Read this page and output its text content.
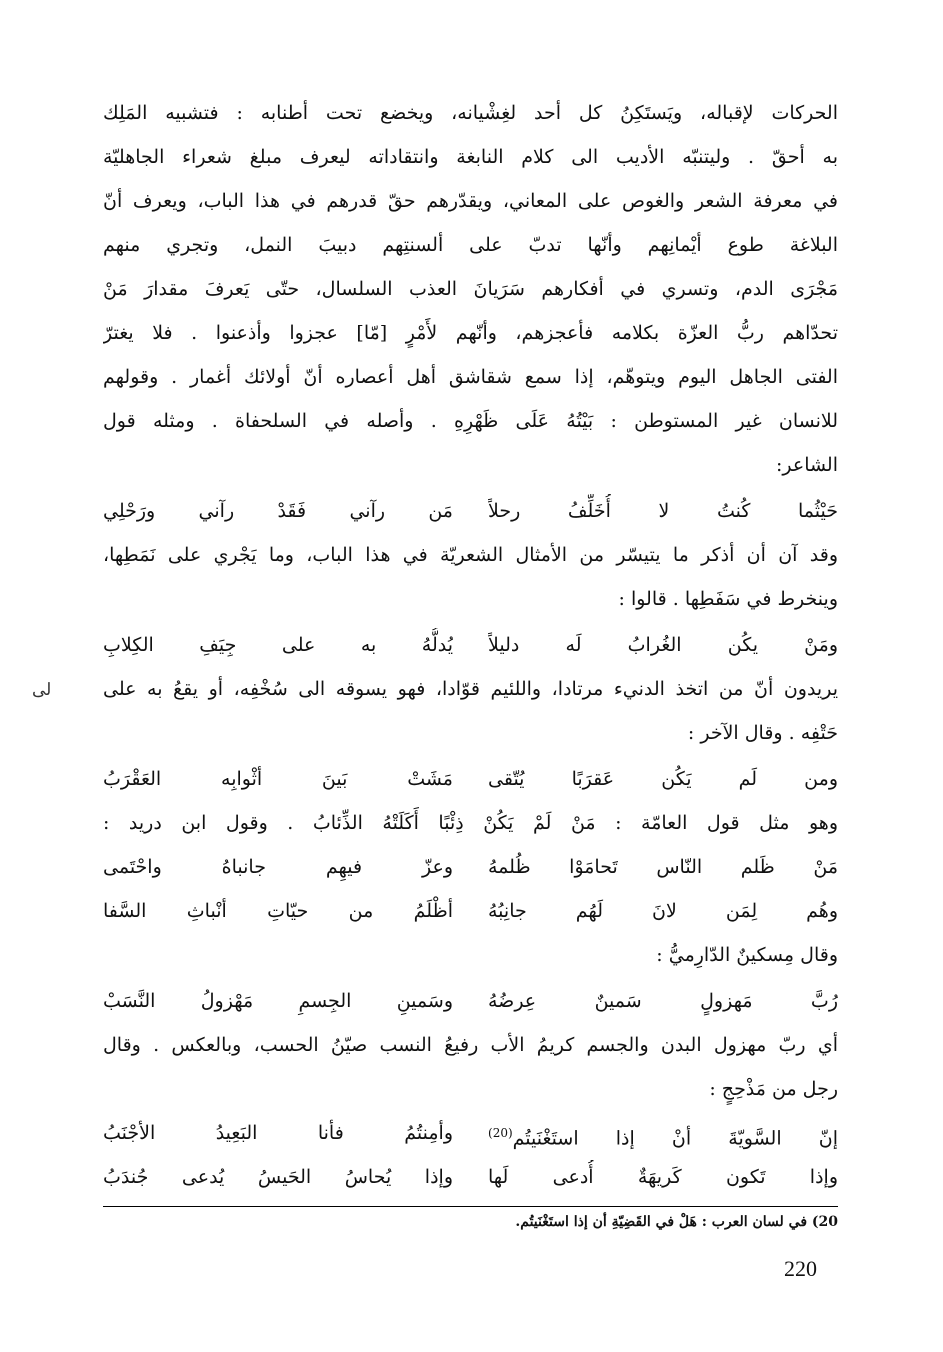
الحركات لإقباله، ويَستَكِنُ كل أحد لغِشْيانه، ويخضع تحت أطنابه : فتشبيه المَلِك
به أحقّ . وليتنبّه الأديب الى كلام النابغة وانتقاداته ليعرف مبلغ شعراء الجاهليّة
في معرفة الشعر والغوص على المعاني، ويقدّرهم حقّ قدرهم في هذا الباب، ويعرف أنّ
البلاغة طوع أيْمانِهم وأنّها تدبّ على ألسنتِهم دبيبَ النمل، وتجري منهم
مَجْرَى الدم، وتسري في أفكارهم سَرَيانَ العذب السلسال، حتّى يَعرفَ مقدارَ مَنْ
تحدّاهم ربُّ العزّة بكلامه فأعجزهم، وأنّهم لأَمْرٍ [مّا] عجزوا وأذعنوا . فلا يغترّ
الفتى الجاهل اليوم ويتوهّم، إذا سمع شقاشق أهل أعصاره أنّ أولائك أغمار . وقولهم
للانسان غير المستوطن : بَيْتُهُ عَلَى ظَهْرِهِ . وأصله في السلحفاة . ومثله قول
الشاعر:
حَيْثُما كُنتُ لا أُخَلِّفُ رحلاً
مَن رآني فَقَدْ رآني ورَحْلِي
وقد آن أن أذكر ما يتيسّر من الأمثال الشعريّة في هذا الباب، وما يَجْري على نَمَطِها،
وينخرط في سَفَطِها . قالوا :
ومَنْ يكُن الغُرابُ لَه دليلاً
يُدلُّهُ به على جِيَفِ الكِلابِ
يريدون أنّ من اتخذ الدنيء مرتادا، واللئيم قوّادا، فهو يسوقه الى سُخْفِه، أو يقعُ به على
لى
حَتْفِه . وقال الآخر :
ومن لَم يَكُن عَقرَبًا يُتّقى
مَشَتْ بَينَ أثْوابِه العَقْرَبُ
وهو مثل قول العامّة : مَنْ لَمْ يَكُنْ ذِئْبًا أَكَلَتْهُ الذِّئابُ . وقول ابن دريد :
مَنْ ظَلم النّاس تَحامَوْا ظُلمهُ
وعزّ فيهِم جانباهُ واحْتَمى
وهُم لِمَن لانَ لَهُم جانِبُهُ
أظْلَمُ من حيّاتِ أنْباثِ السَّفا
وقال مِسكينٌ الدّارِميُّ :
رُبَّ مَهزولٍ سَمينٌ عِرضُهُ
وسَمينِ الجِسمِ مَهْزولُ النَّسَبْ
أي ربّ مهزول البدن والجسم كريمُ الأب رفيعُ النسب صيّنُ الحسب، وبالعكس . وقال
رجل من مَذْحِجٍ :
إنّ السَّويّةَ أنْ إذا استَغْنَيتُم$^{(20)}$
وأمِنتُمُ فأنا البَعِيدُ الأجْنَبُ
وإذا تَكون كَريهَةٌ أُدعى لَها
وإذا يُحاسُ الحَيسُ يُدعى جُندَبُ
20) في لسان العرب : هَلْ في القَضِيّةِ أن إذا استَغْنَيتُم.
220
